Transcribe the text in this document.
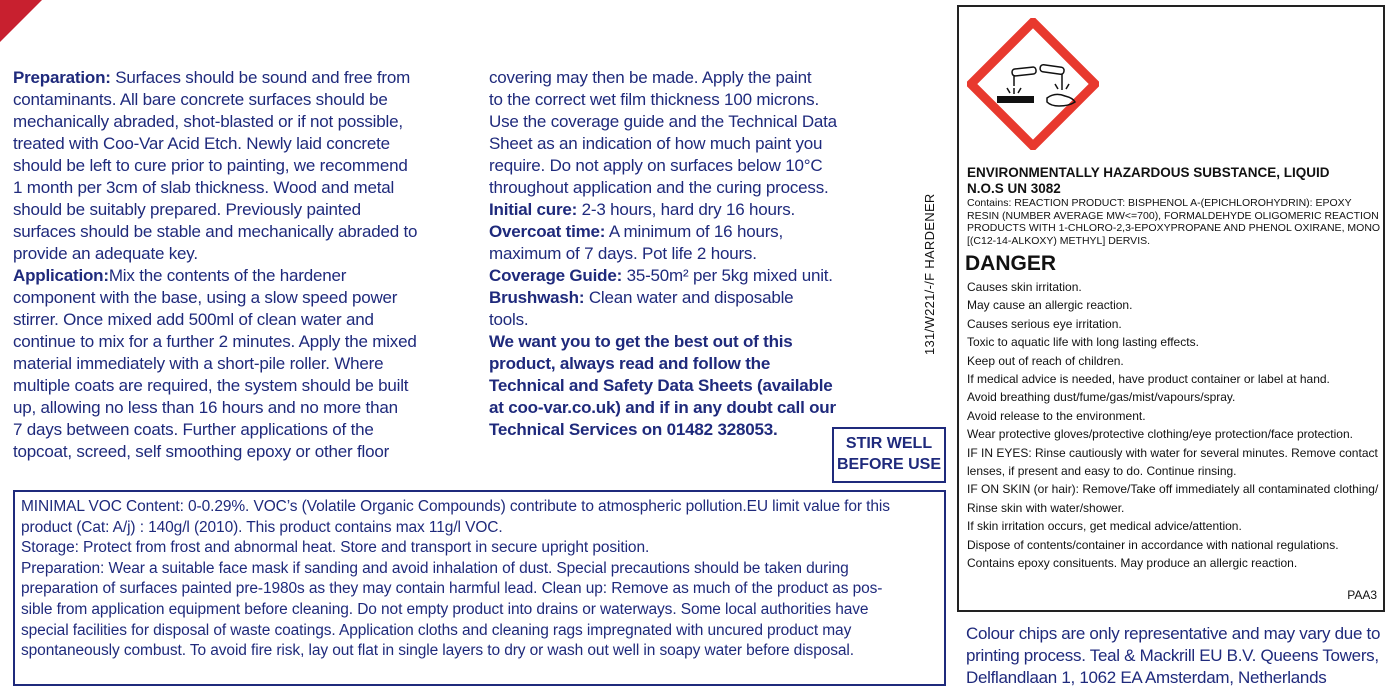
Preparation: Surfaces should be sound and free from
contaminants. All bare concrete surfaces should be
mechanically abraded, shot-blasted or if not possible,
treated with Coo-Var Acid Etch. Newly laid concrete
should be left to cure prior to painting, we recommend
1 month per 3cm of slab thickness. Wood and metal
should be suitably prepared. Previously painted
surfaces should be stable and mechanically abraded to
provide an adequate key.
Application:Mix the contents of the hardener
component with the base, using a slow speed power
stirrer. Once mixed add 500ml of clean water and
continue to mix for a further 2 minutes. Apply the mixed
material immediately with a short-pile roller. Where
multiple coats are required, the system should be built
up, allowing no less than 16 hours and no more than
7 days between coats. Further applications of the
topcoat, screed, self smoothing epoxy or other floor
covering may then be made. Apply the paint
to the correct wet film thickness 100 microns.
Use the coverage guide and the Technical Data
Sheet as an indication of how much paint you
require. Do not apply on surfaces below 10°C
throughout application and the curing process.
Initial cure: 2-3 hours, hard dry 16 hours.
Overcoat time: A minimum of 16 hours,
maximum of 7 days. Pot life 2 hours.
Coverage Guide: 35-50m² per 5kg mixed unit.
Brushwash: Clean water and disposable
tools.
We want you to get the best out of this
product, always read and follow the
Technical and Safety Data Sheets (available
at coo-var.co.uk) and if in any doubt call our
Technical Services on 01482 328053.
STIR WELL
BEFORE USE
131/W221/-/F HARDENER
MINIMAL VOC Content: 0-0.29%. VOC’s (Volatile Organic Compounds) contribute to atmospheric pollution.EU limit value for this
product (Cat: A/j) : 140g/l (2010). This product contains max 11g/l VOC.
Storage: Protect from frost and abnormal heat. Store and transport in secure upright position.
Preparation: Wear a suitable face mask if sanding and avoid inhalation of dust. Special precautions should be taken during
preparation of surfaces painted pre-1980s as they may contain harmful lead. Clean up: Remove as much of the product as pos-
sible from application equipment before cleaning. Do not empty product into drains or waterways. Some local authorities have
special facilities for disposal of waste coatings. Application cloths and cleaning rags impregnated with uncured product may
spontaneously combust. To avoid fire risk, lay out flat in single layers to dry or wash out well in soapy water before disposal.
ENVIRONMENTALLY HAZARDOUS SUBSTANCE, LIQUID
N.O.S UN 3082
Contains: REACTION PRODUCT: BISPHENOL A-(EPICHLOROHYDRIN): EPOXY
RESIN (NUMBER AVERAGE MW<=700), FORMALDEHYDE OLIGOMERIC REACTION
PRODUCTS WITH 1-CHLORO-2,3-EPOXYPROPANE AND PHENOL OXIRANE, MONO
[(C12-14-ALKOXY) METHYL] DERVIS.
DANGER
Causes skin irritation.
May cause an allergic reaction.
Causes serious eye irritation.
Toxic to aquatic life with long lasting effects.
Keep out of reach of children.
If medical advice is needed, have product container or label at hand.
Avoid breathing dust/fume/gas/mist/vapours/spray.
Avoid release to the environment.
Wear protective gloves/protective clothing/eye protection/face protection.
IF IN EYES: Rinse cautiously with water for several minutes. Remove contact
lenses, if present and easy to do. Continue rinsing.
IF ON SKIN (or hair): Remove/Take off immediately all contaminated clothing/
Rinse skin with water/shower.
If skin irritation occurs, get medical advice/attention.
Dispose of contents/container in accordance with national regulations.
Contains epoxy consituents. May produce an allergic reaction.
PAA3
Colour chips are only representative and may vary due to
printing process. Teal & Mackrill EU B.V. Queens Towers,
Delflandlaan 1, 1062 EA Amsterdam, Netherlands
